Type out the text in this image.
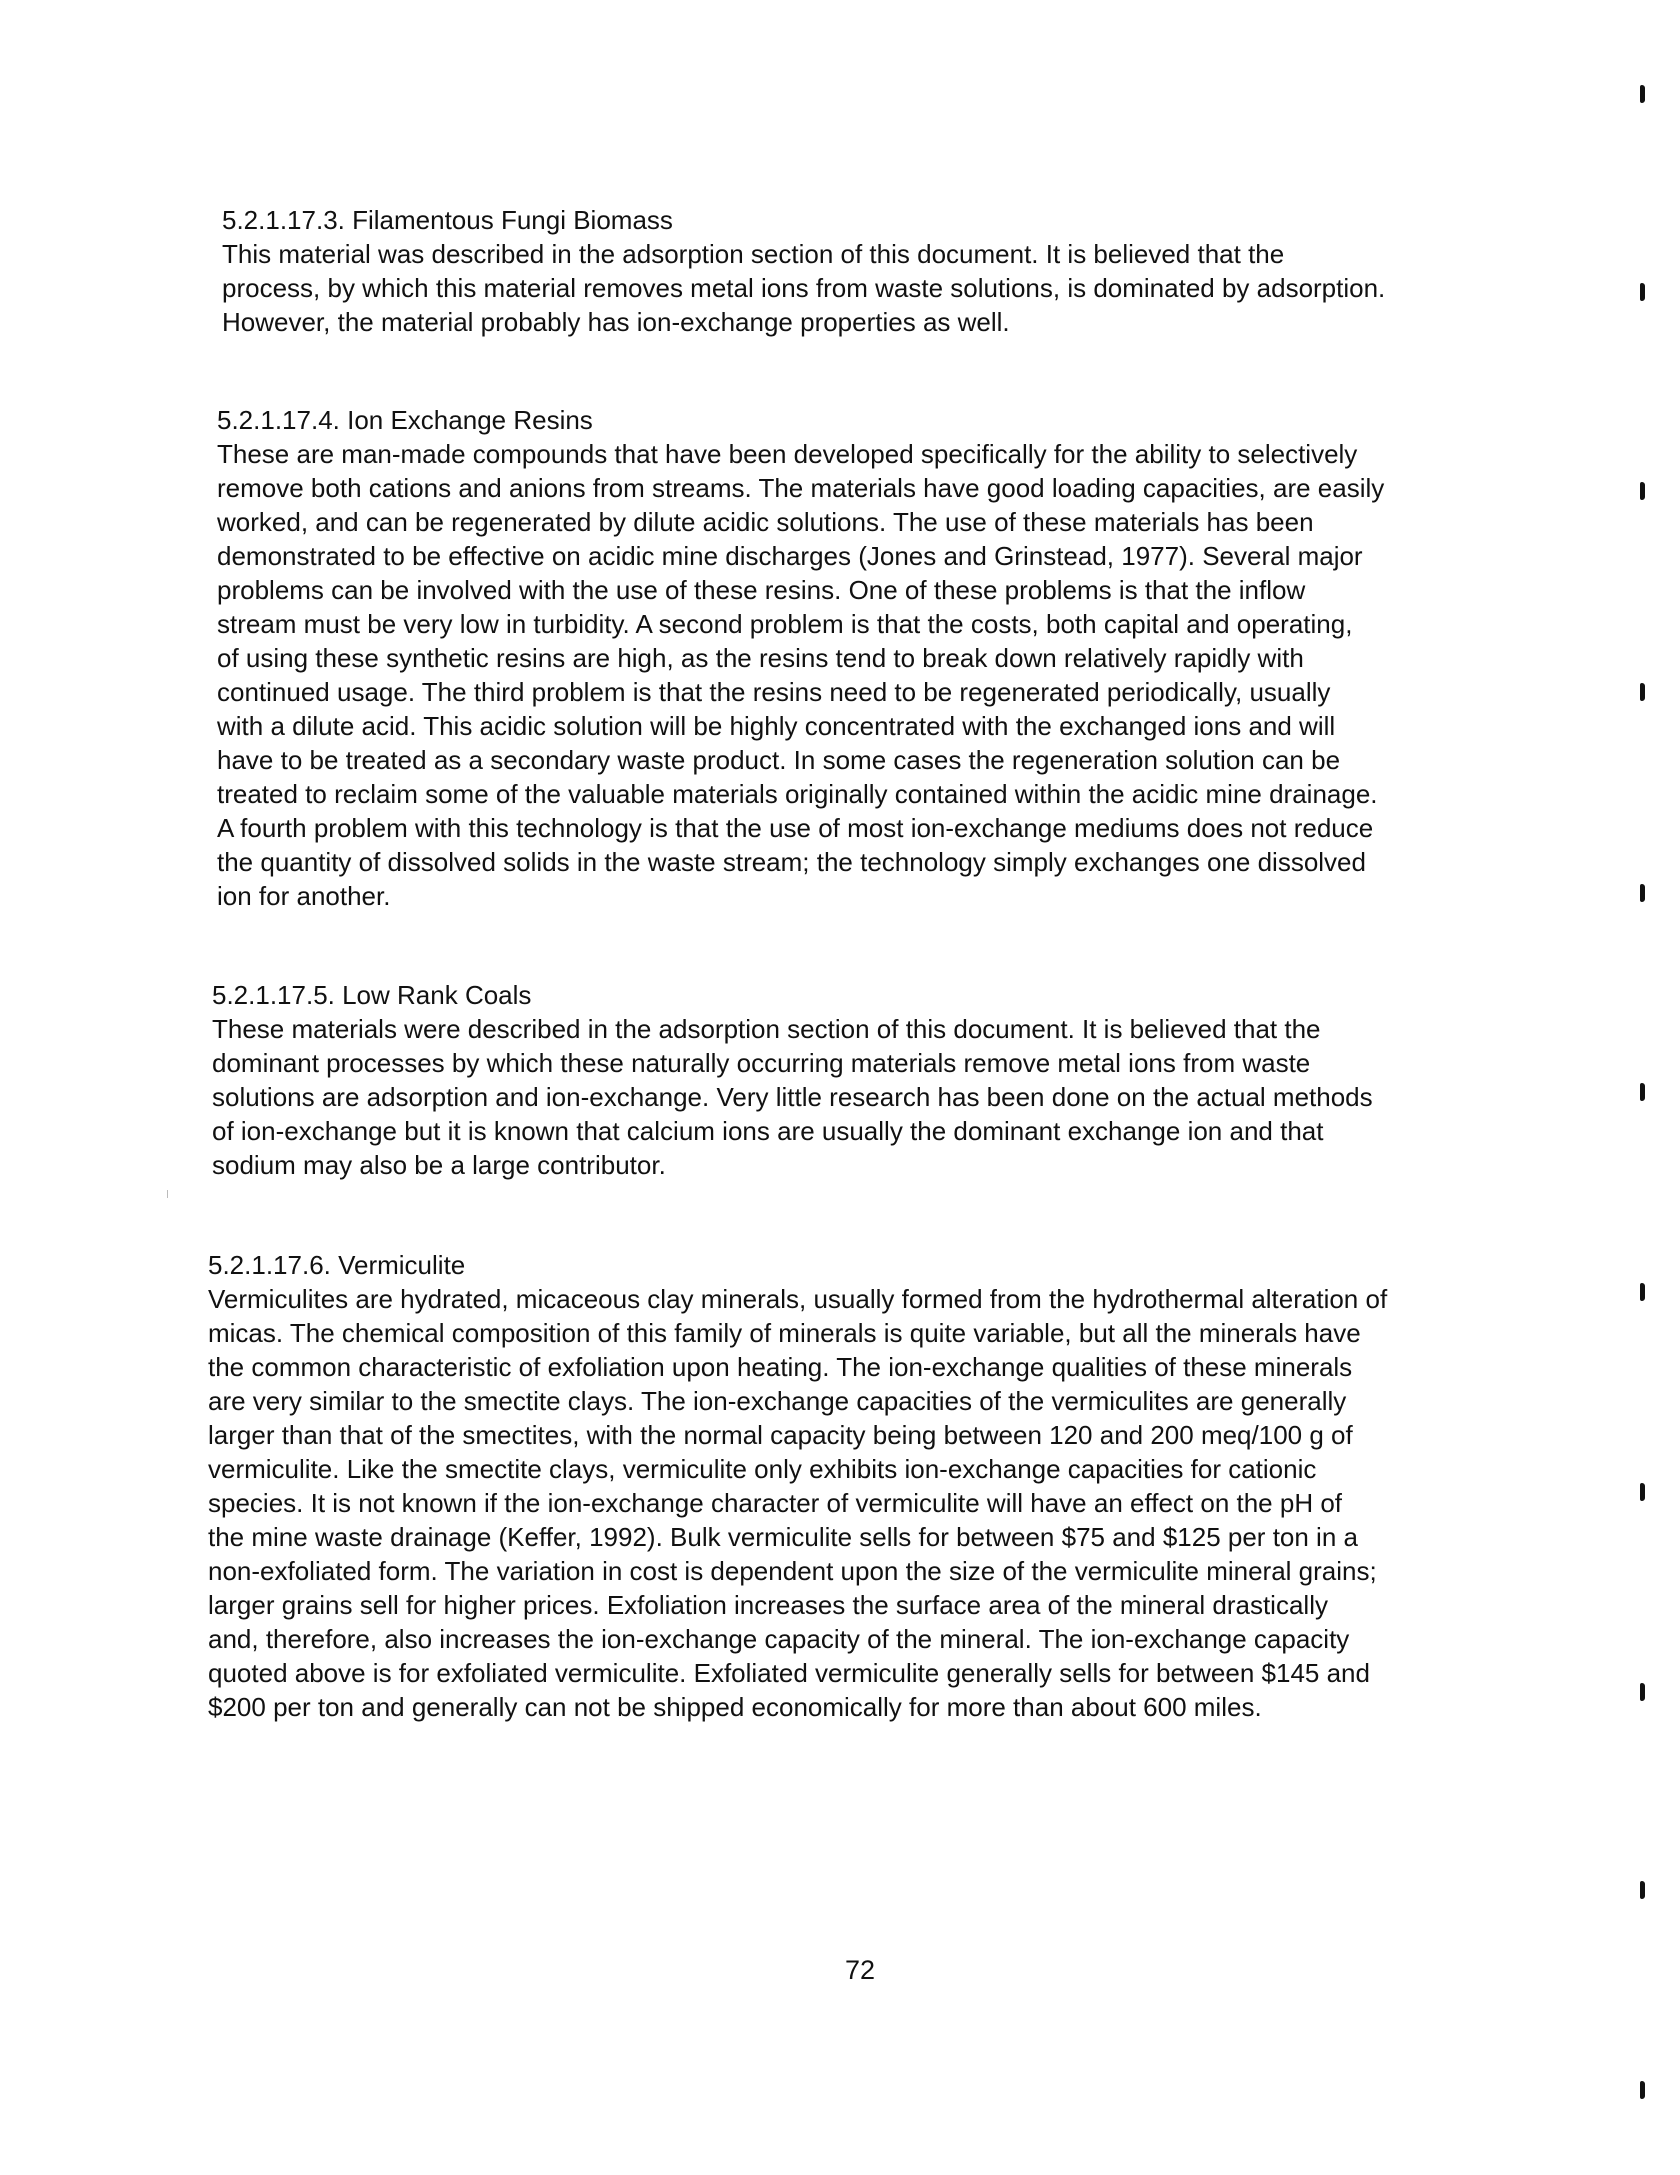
5.2.1.17.3. Filamentous Fungi Biomass
This material was described in the adsorption section of this document. It is believed that the
process, by which this material removes metal ions from waste solutions, is dominated by adsorption.
However, the material probably has ion-exchange properties as well.
5.2.1.17.4. Ion Exchange Resins
These are man-made compounds that have been developed specifically for the ability to selectively
remove both cations and anions from streams. The materials have good loading capacities, are easily
worked, and can be regenerated by dilute acidic solutions. The use of these materials has been
demonstrated to be effective on acidic mine discharges (Jones and Grinstead, 1977). Several major
problems can be involved with the use of these resins. One of these problems is that the inflow
stream must be very low in turbidity. A second problem is that the costs, both capital and operating,
of using these synthetic resins are high, as the resins tend to break down relatively rapidly with
continued usage. The third problem is that the resins need to be regenerated periodically, usually
with a dilute acid. This acidic solution will be highly concentrated with the exchanged ions and will
have to be treated as a secondary waste product. In some cases the regeneration solution can be
treated to reclaim some of the valuable materials originally contained within the acidic mine drainage.
A fourth problem with this technology is that the use of most ion-exchange mediums does not reduce
the quantity of dissolved solids in the waste stream; the technology simply exchanges one dissolved
ion for another.
5.2.1.17.5. Low Rank Coals
These materials were described in the adsorption section of this document. It is believed that the
dominant processes by which these naturally occurring materials remove metal ions from waste
solutions are adsorption and ion-exchange. Very little research has been done on the actual methods
of ion-exchange but it is known that calcium ions are usually the dominant exchange ion and that
sodium may also be a large contributor.
5.2.1.17.6. Vermiculite
Vermiculites are hydrated, micaceous clay minerals, usually formed from the hydrothermal alteration of
micas. The chemical composition of this family of minerals is quite variable, but all the minerals have
the common characteristic of exfoliation upon heating. The ion-exchange qualities of these minerals
are very similar to the smectite clays. The ion-exchange capacities of the vermiculites are generally
larger than that of the smectites, with the normal capacity being between 120 and 200 meq/100 g of
vermiculite. Like the smectite clays, vermiculite only exhibits ion-exchange capacities for cationic
species. It is not known if the ion-exchange character of vermiculite will have an effect on the pH of
the mine waste drainage (Keffer, 1992). Bulk vermiculite sells for between $75 and $125 per ton in a
non-exfoliated form. The variation in cost is dependent upon the size of the vermiculite mineral grains;
larger grains sell for higher prices. Exfoliation increases the surface area of the mineral drastically
and, therefore, also increases the ion-exchange capacity of the mineral. The ion-exchange capacity
quoted above is for exfoliated vermiculite. Exfoliated vermiculite generally sells for between $145 and
$200 per ton and generally can not be shipped economically for more than about 600 miles.
72
